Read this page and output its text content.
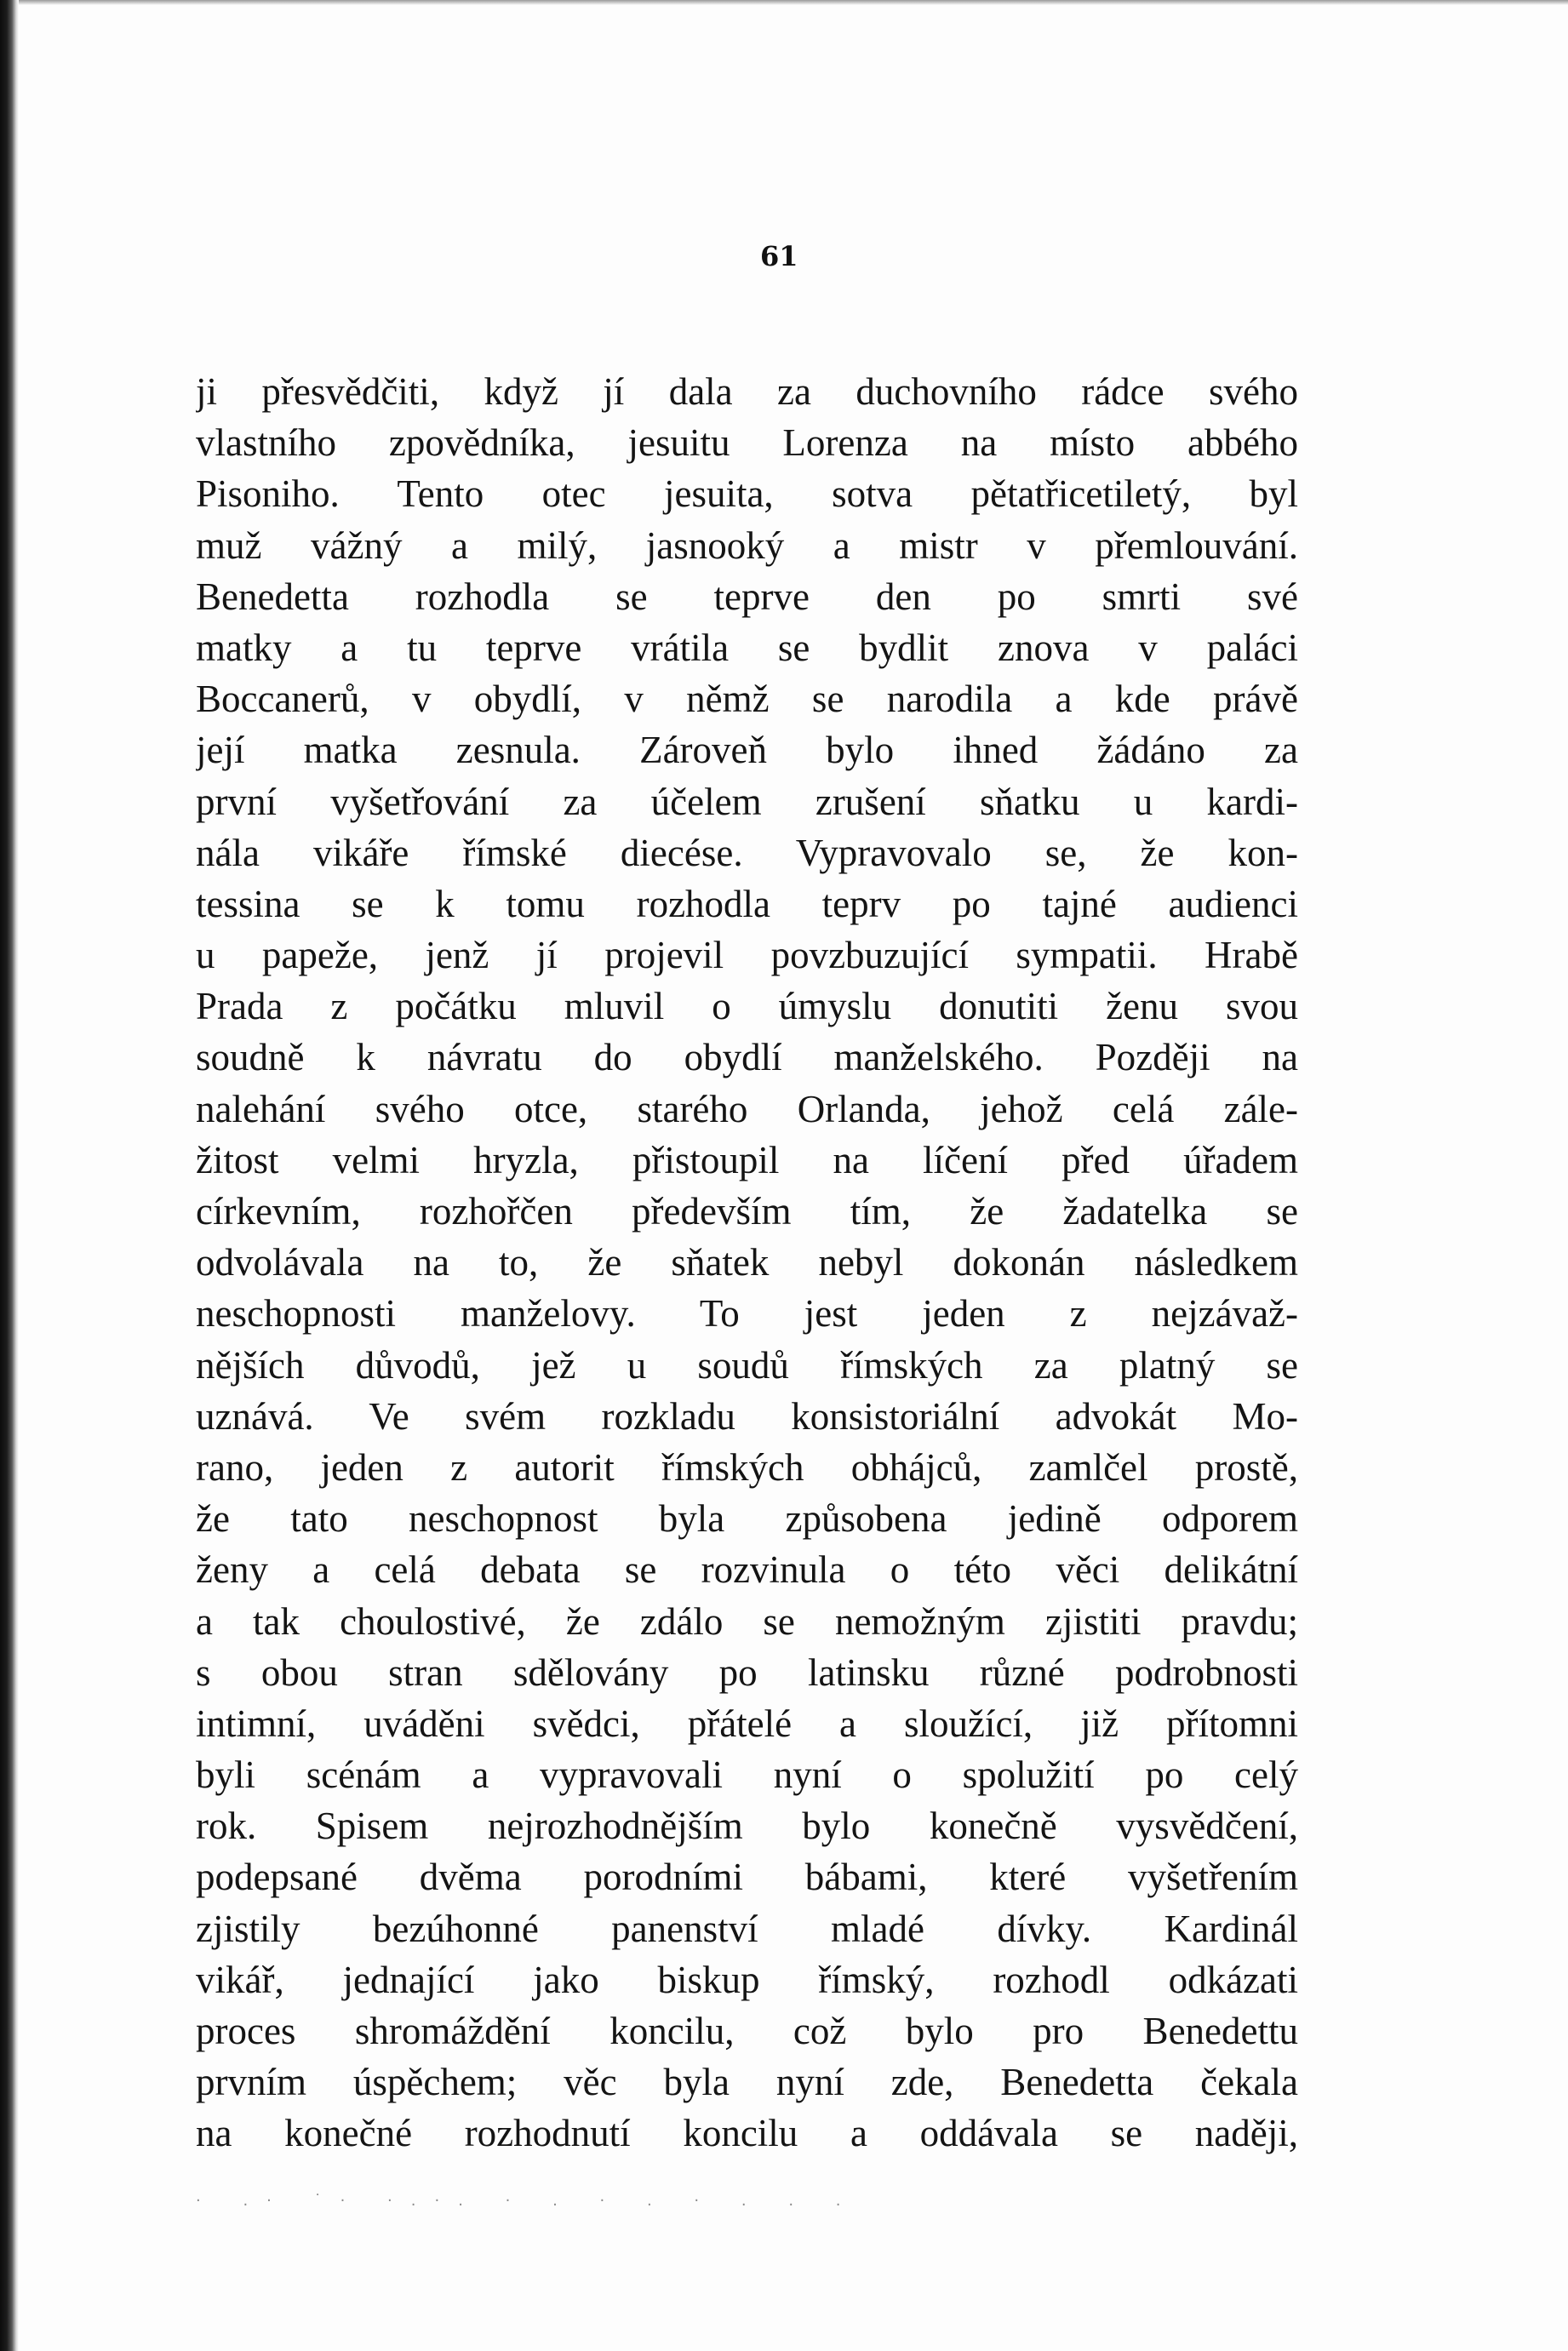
61
ji přesvědčiti, když jí dala za duchovního rádce svého
vlastního zpovědníka, jesuitu Lorenza na místo abbého
Pisoniho. Tento otec jesuita, sotva pětatřicetiletý, byl
muž vážný a milý, jasnooký a mistr v přemlouvání.
Benedetta rozhodla se teprve den po smrti své
matky a tu teprve vrátila se bydlit znova v paláci
Boccanerů, v obydlí, v němž se narodila a kde právě
její matka zesnula. Zároveň bylo ihned žádáno za
první vyšetřování za účelem zrušení sňatku u kardi-
nála vikáře římské diecése. Vypravovalo se, že kon-
tessina se k tomu rozhodla teprv po tajné audienci
u papeže, jenž jí projevil povzbuzující sympatii. Hrabě
Prada z počátku mluvil o úmyslu donutiti ženu svou
soudně k návratu do obydlí manželského. Později na
nalehání svého otce, starého Orlanda, jehož celá zále-
žitost velmi hryzla, přistoupil na líčení před úřadem
církevním, rozhořčen především tím, že žadatelka se
odvolávala na to, že sňatek nebyl dokonán následkem
neschopnosti manželovy. To jest jeden z nejzávaž-
nějších důvodů, jež u soudů římských za platný se
uznává. Ve svém rozkladu konsistoriální advokát Mo-
rano, jeden z autorit římských obhájců, zamlčel prostě,
že tato neschopnost byla způsobena jedině odporem
ženy a celá debata se rozvinula o této věci delikátní
a tak choulostivé, že zdálo se nemožným zjistiti pravdu;
s obou stran sdělovány po latinsku různé podrobnosti
intimní, uváděni svědci, přátelé a sloužící, již přítomni
byli scénám a vypravovali nyní o spolužití po celý
rok. Spisem nejrozhodnějším bylo konečně vysvědčení,
podepsané dvěma porodními bábami, které vyšetřením
zjistily bezúhonné panenství mladé dívky. Kardinál
vikář, jednající jako biskup římský, rozhodl odkázati
proces shromáždění koncilu, což bylo pro Benedettu
prvním úspěchem; věc byla nyní zde, Benedetta čekala
na konečné rozhodnutí koncilu a oddávala se naději,
· .· ˙· ·.·. · . · . · . . .
